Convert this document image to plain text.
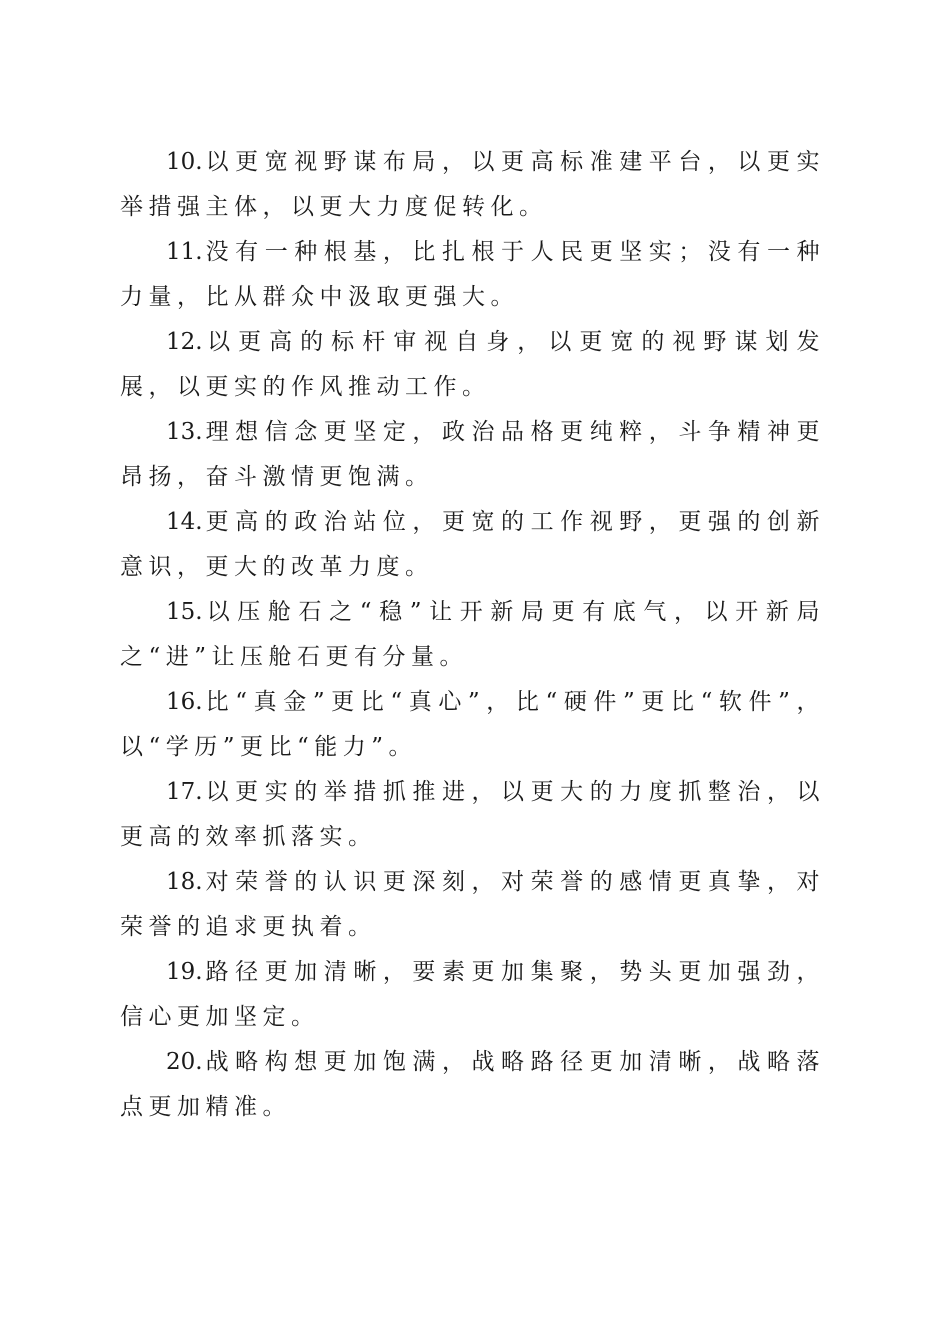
10.以更宽视野谋布局，以更高标准建平台，以更实举措强主体，以更大力度促转化。

11.没有一种根基，比扎根于人民更坚实；没有一种力量，比从群众中汲取更强大。

12.以更高的标杆审视自身，以更宽的视野谋划发展，以更实的作风推动工作。

13.理想信念更坚定，政治品格更纯粹，斗争精神更昂扬，奋斗激情更饱满。

14.更高的政治站位，更宽的工作视野，更强的创新意识，更大的改革力度。

15.以压舱石之“稳”让开新局更有底气，以开新局之“进”让压舱石更有分量。

16.比“真金”更比“真心”，比“硬件”更比“软件”，以“学历”更比“能力”。

17.以更实的举措抓推进，以更大的力度抓整治，以更高的效率抓落实。

18.对荣誉的认识更深刻，对荣誉的感情更真挚，对荣誉的追求更执着。

19.路径更加清晰，要素更加集聚，势头更加强劲，信心更加坚定。

20.战略构想更加饱满，战略路径更加清晰，战略落点更加精准。
